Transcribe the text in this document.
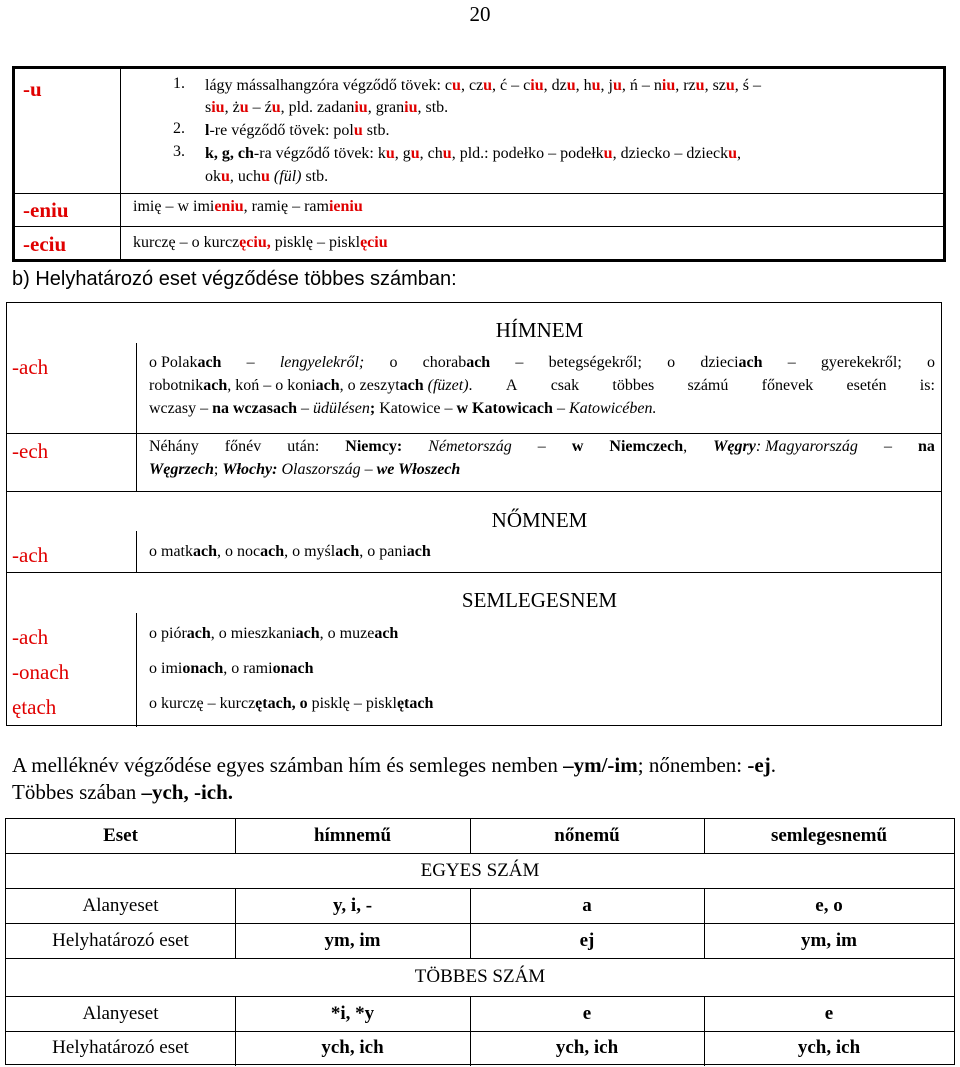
20
-u	1. lágy mássalhangzóra végződő tövek: cu, czu, ć – ciu, dzu, hu, ju, ń – niu, rzu, szu, ś –
siu, żu – źu, pld. zadaniu, graniu, stb.
2. l-re végződő tövek: polu stb.
3. k, g, ch-ra végződő tövek: ku, gu, chu, pld.: podełko – podełku, dziecko – dziecku,
oku, uchu (fül) stb.
-eniu	imię – w imieniu, ramię – ramieniu
-eciu	kurczę – o kurczęciu, pisklę – pisklęciu
b) Helyhatározó eset végződése többes számban:
HÍMNEM
-ach	o Polakach – lengyelekről; o chorabach – betegségekről; o dzieciach – gyerekekről; o
robotnikach, koń – o koniach, o zeszytach (füzet). A csak többes számú főnevek esetén is:
wczasy – na wczasach – üdülésen; Katowice – w Katowicach – Katowicében.
-ech	Néhány főnév után: Niemcy: Németország – w Niemczech, Węgry: Magyarország – na
Węgrzech; Włochy: Olaszország – we Włoszech
NŐMNEM
-ach	o matkach, o nocach, o myślach, o paniach
SEMLEGESNEM
-ach	o piórach, o mieszkaniach, o muzeach
-onach	o imionach, o ramionach
ętach	o kurczę – kurczętach, o pisklę – pisklętach
A melléknév végződése egyes számban hím és semleges nemben –ym/-im; nőnemben: -ej.
Többes szában –ych, -ich.
Eset	hímnemű	nőnemű	semlegesnemű
EGYES SZÁM
Alanyeset	y, i, -	a	e, o
Helyhatározó eset	ym, im	ej	ym, im
TÖBBES SZÁM
Alanyeset	*i, *y	e	e
Helyhatározó eset	ych, ich	ych, ich	ych, ich
